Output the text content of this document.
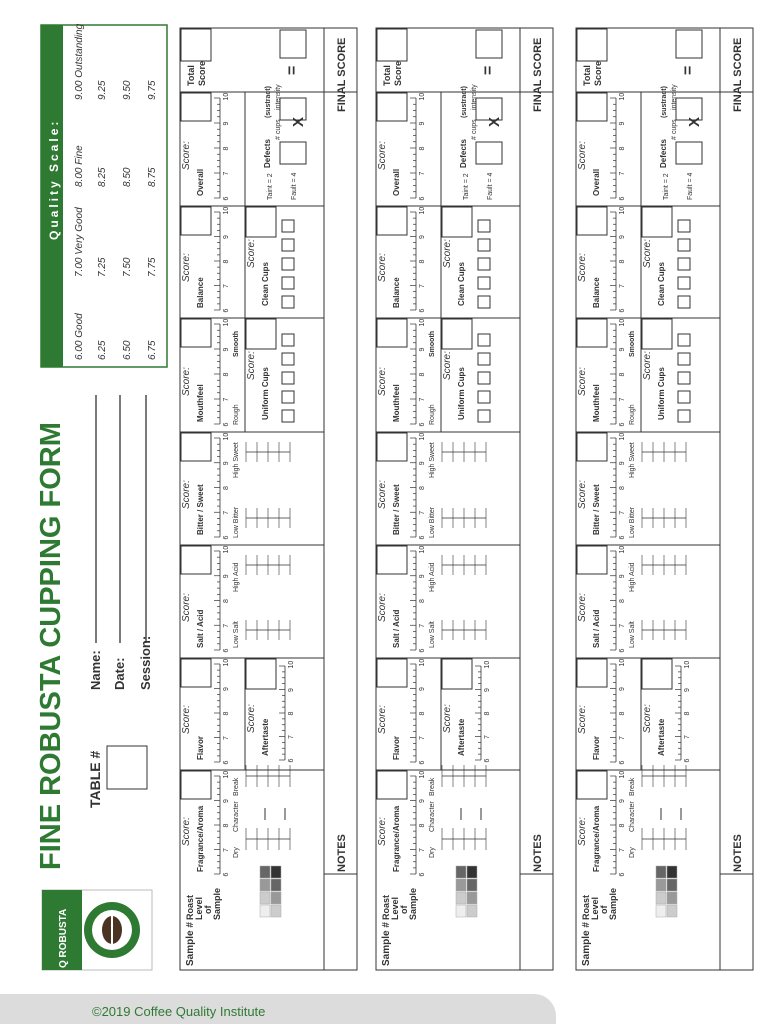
Q ROBUSTA
FINE ROBUSTA CUPPING FORM TABLE #
Name: Date: Session:
Quality Scale:
6.00 Good 6.25 6.50 6.75
7.00 Very Good 7.25 7.50 7.75
8.00 Fine 8.25 8.50 8.75
9.00 Outstanding 9.25 9.50 9.75
NOTES
FINAL SCORE
Sample #
Roast Level of Sample
Score: Fragrance/Aroma
6
7
8
9
10
Dry
Character
Break
Score:
Flavor
6
7
8
9
10
Score:
Aftertaste
6
7
8
9
10
Score:
Salt / Acid
6
7
8
9
10
Low Salt
High Acid
Score: Bitter / Sweet
6
7
8
9
10
Low Bitter
High Sweet
Score:
Mouthfeel
6
7
8
9
10
Rough
Smooth
Score:
Uniform Cups
Score:
Balance
6
7
8
9
10
Score:
Clean Cups
Score:
Overall
6
7
8
9
10
Defects
(sustract)
# cups
intensity
Taint = 2 Fault = 4
X
Total Score	=
NOTES
FINAL SCORE
Sample #
Roast Level of Sample
Score: Fragrance/Aroma
6
7
8
9
10
Dry
Character
Break
Score:
Flavor
6
7
8
9
10
Score:
Aftertaste
6
7
8
9
10
Score:
Salt / Acid
6
7
8
9
10
Low Salt
High Acid
Score: Bitter / Sweet
6
7
8
9
10
Low Bitter
High Sweet
Score:
Mouthfeel
6
7
8
9
10
Rough
Smooth
Score:
Uniform Cups
Score:
Balance
6
7
8
9
10
Score:
Clean Cups
Score:
Overall
6
7
8
9
10
Defects
(sustract)
# cups
intensity
Taint = 2 Fault = 4
X
Total Score	=
NOTES
FINAL SCORE
Sample #
Roast Level of Sample
Score: Fragrance/Aroma
6
7
8
9
10
Dry
Character
Break
Score:
Flavor
6
7
8
9
10
Score:
Aftertaste
6
7
8
9
10
Score:
Salt / Acid
6
7
8
9
10
Low Salt
High Acid
Score: Bitter / Sweet
6
7
8
9
10
Low Bitter
High Sweet
Score:
Mouthfeel
6
7
8
9
10
Rough
Smooth
Score:
Uniform Cups
Score:
Balance
6
7
8
9
10
Score:
Clean Cups
Score:
Overall
6
7
8
9
10
Defects
(sustract)
# cups
intensity
Taint = 2 Fault = 4
X
Total Score	=
©2019 Coffee Quality Institute
